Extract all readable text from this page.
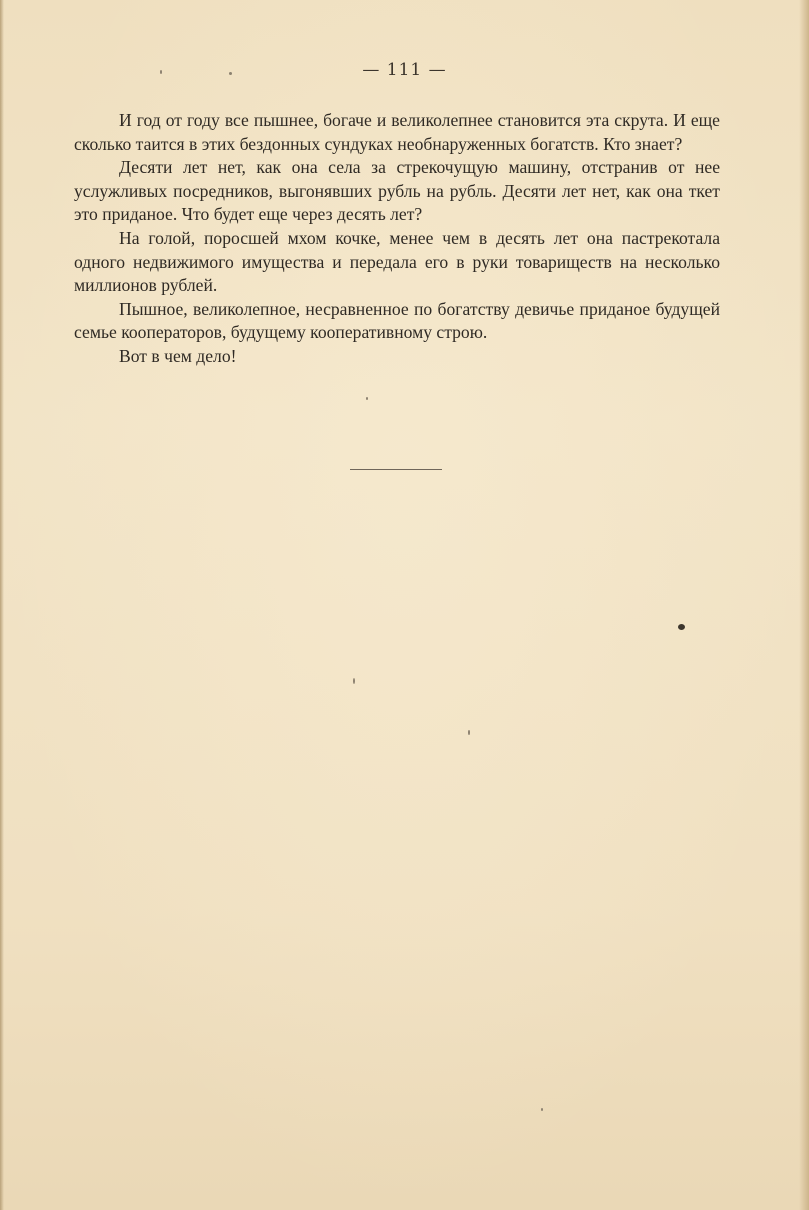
— 111 —

И год от году все пышнее, богаче и великолепнее становится эта скрута. И еще сколько таится в этих бездонных сундуках необнаруженных богатств. Кто знает?

Десяти лет нет, как она села за стрекочущую машину, отстранив от нее услужливых посредников, выгонявших рубль на рубль. Десяти лет нет, как она ткет это приданое. Что будет еще через десять лет?

На голой, поросшей мхом кочке, менее чем в десять лет она пастрекотала одного недвижимого имущества и передала его в руки товариществ на несколько миллионов рублей.

Пышное, великолепное, несравненное по богатству девичье приданое будущей семье кооператоров, будущему кооперативному строю.

Вот в чем дело!
